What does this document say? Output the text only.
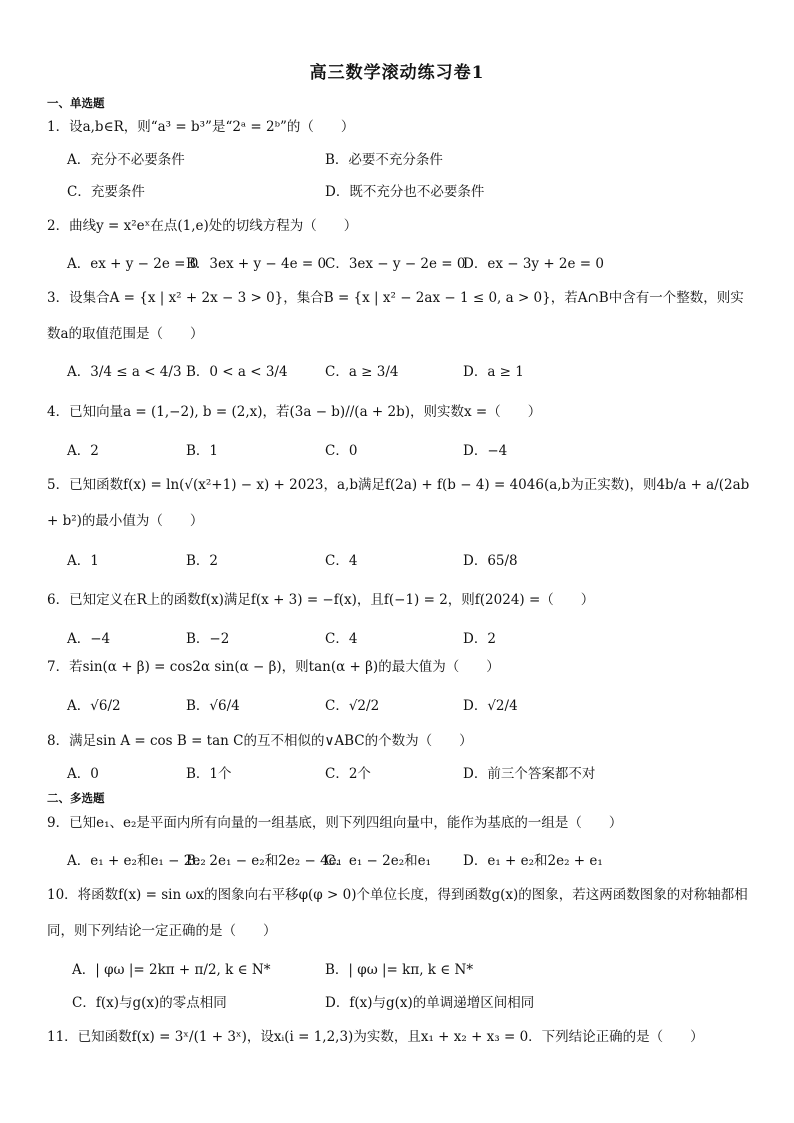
高三数学滚动练习卷1
一、单选题
1．设a,b∈R，则“a³ = b³”是“2ᵃ = 2ᵇ”的（　　）
A．充分不必要条件	B．必要不充分条件
C．充要条件	D．既不充分也不必要条件
2．曲线y = x²eˣ在点(1,e)处的切线方程为（　　）
A．ex + y − 2e = 0
B．3ex + y − 4e = 0
C．3ex − y − 2e = 0
D．ex − 3y + 2e = 0
3．设集合A = {x | x² + 2x − 3 > 0}，集合B = {x | x² − 2ax − 1 ≤ 0, a > 0}，若A∩B中含有一个整数，则实数a的取值范围是（　　）
A．3/4 ≤ a < 4/3 B．0 < a < 3/4	C．a ≥ 3/4	D．a ≥ 1
4．已知向量a = (1,−2), b = (2,x)，若(3a − b)//(a + 2b)，则实数x =（　　）
A．2	B．1	C．0	D．−4
5．已知函数f(x) = ln(√(x²+1) − x) + 2023，a,b满足f(2a) + f(b − 4) = 4046(a,b为正实数)，则4b/a + a/(2ab + b²)的最小值为（　　）
A．1	B．2	C．4	D．65/8
6．已知定义在R上的函数f(x)满足f(x + 3) = −f(x)，且f(−1) = 2，则f(2024) =（　　）
A．−4	B．−2	C．4	D．2
7．若sin(α + β) = cos2α sin(α − β)，则tan(α + β)的最大值为（　　）
A．√6/2	B．√6/4	C．√2/2	D．√2/4
8．满足sin A = cos B = tan C的互不相似的∨ABC的个数为（　　）
A．0	B．1个	C．2个	D．前三个答案都不对
二、多选题
9．已知e₁、e₂是平面内所有向量的一组基底，则下列四组向量中，能作为基底的一组是（　　）
A．e₁ + e₂和e₁ − 2e₂
B．2e₁ − e₂和2e₂ − 4e₁
C．e₁ − 2e₂和e₁ D．e₁ + e₂和2e₂ + e₁
10．将函数f(x) = sin ωx的图象向右平移φ(φ > 0)个单位长度，得到函数g(x)的图象，若这两函数图象的对称轴都相同，则下列结论一定正确的是（　　）
A．| φω |= 2kπ + π/2, k ∈ N*	B．| φω |= kπ, k ∈ N*
C．f(x)与g(x)的零点相同	D．f(x)与g(x)的单调递增区间相同
11．已知函数f(x) = 3ˣ/(1 + 3ˣ)，设xᵢ(i = 1,2,3)为实数，且x₁ + x₂ + x₃ = 0．下列结论正确的是（　　）
